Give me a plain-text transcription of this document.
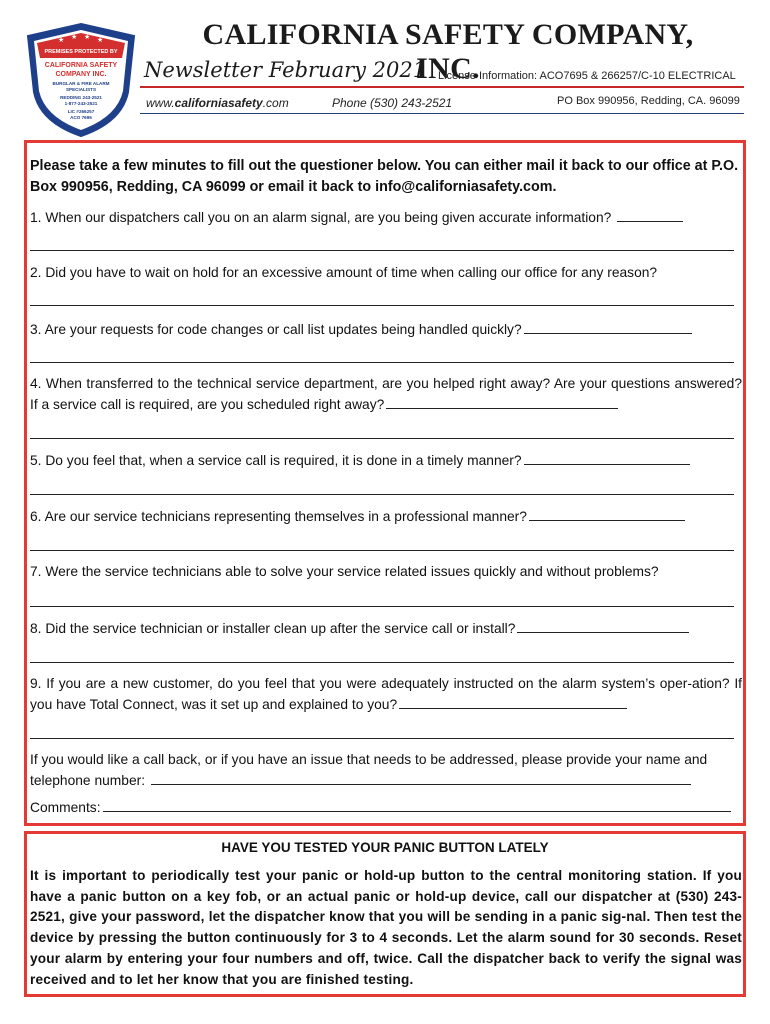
★ ★ ★ ★
PREMISES PROTECTED BY
CALIFORNIA SAFETY
COMPANY INC.
BURGLAR & FIRE ALARM
SPECIALISTS
REDDING 243-2521
1-877-243-2521
LIC #266257
ACO 7695
CALIFORNIA SAFETY COMPANY, INC.
Newsletter February 2021 License Information: ACO7695 & 266257/C-10 ELECTRICAL
www.californiasafety.com	Phone (530) 243-2521	PO Box 990956, Redding, CA. 96099
Please take a few minutes to fill out the questioner below. You can either mail it back to our office at P.O. Box 990956, Redding, CA 96099 or email it back to info@californiasafety.com.
1. When our dispatchers call you on an alarm signal, are you being given accurate information?
2. Did you have to wait on hold for an excessive amount of time when calling our office for any reason?
3. Are your requests for code changes or call list updates being handled quickly?
4. When transferred to the technical service department, are you helped right away? Are your questions answered? If a service call is required, are you scheduled right away?
5. Do you feel that, when a service call is required, it is done in a timely manner?
6. Are our service technicians representing themselves in a professional manner?
7. Were the service technicians able to solve your service related issues quickly and without problems?
8. Did the service technician or installer clean up after the service call or install?
9. If you are a new customer, do you feel that you were adequately instructed on the alarm system’s oper-ation? If you have Total Connect, was it set up and explained to you?
If you would like a call back, or if you have an issue that needs to be addressed, please provide your name and telephone number:
Comments:
HAVE YOU TESTED YOUR PANIC BUTTON LATELY
It is important to periodically test your panic or hold-up button to the central monitoring station. If you have a panic button on a key fob, or an actual panic or hold-up device, call our dispatcher at (530) 243-2521, give your password, let the dispatcher know that you will be sending in a panic sig-nal. Then test the device by pressing the button continuously for 3 to 4 seconds. Let the alarm sound for 30 seconds. Reset your alarm by entering your four numbers and off, twice. Call the dispatcher back to verify the signal was received and to let her know that you are finished testing.
